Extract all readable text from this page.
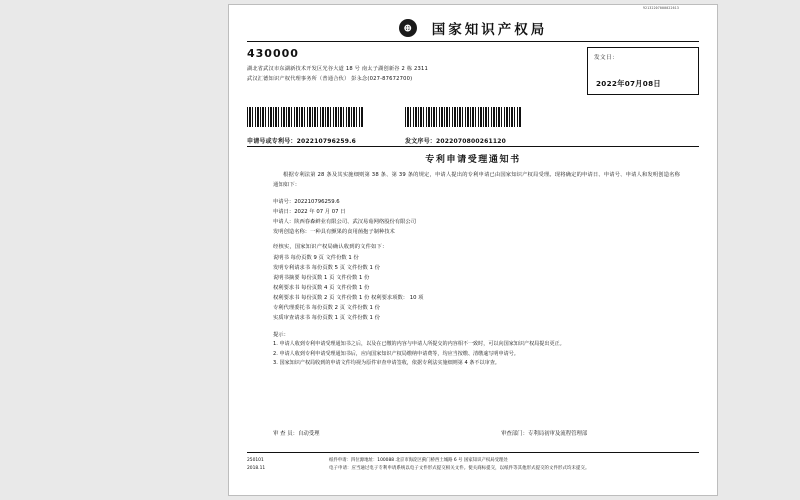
92132207000022613
⊕	国家知识产权局
430000
湖北省武汉市东湖新技术开发区光谷大道 18 号 南太子湖创新谷 2 栋 2311
武汉汇德知识产权代理事务所（普通合伙） 彭永念(027-87672700)
发文日：
2022年07月08日
申请号或专利号：202210796259.6	发文序号：2022070800261120
专利申请受理通知书

根据专利法第 28 条及其实施细则第 38 条、第 39 条的规定，申请人提出的专利申请已由国家知识产权局受理。现将确定的申请日、申请号、申请人和发明创造名称通知如下：

申请号：202210796259.6
申请日：2022 年 07 月 07 日
申请人：陕西春森鲜业有限公司、武汉易菇网络股份有限公司
发明创造名称：一种具有颤果的食用菌抱子制种技术
经核实，国家知识产权局确认收到的文件如下：
说明书 每份页数 9 页 文件份数 1 份
发明专利请求书 每份页数 5 页 文件份数 1 份
说明书摘要 每份页数 1 页 文件份数 1 份
权利要求书 每份页数 4 页 文件份数 1 份
权利要求书 每份页数 2 页 文件份数 1 份 权利要求项数： 10 项
专利代理委托书 每份页数 2 页 文件份数 1 份
实质审查请求书 每份页数 1 页 文件份数 1 份
提示：
1. 申请人收到专利申请受理通知书之后，以及在已缴的内容与申请人所提交的内容相不一致时，可以向国家知识产权局提出更正。
2. 申请人收到专利申请受理通知书后，应向国家知识产权局缴纳申请费等，均应当按缴、清缴逾写明申请号。
3. 国家知识产权局收到的申请文件均视为原件审查申请签收，依据专利法实施细则第 4 条不以审查。
审 查 员：自动受理	审查部门：专利局初审及流程管理部
250101
2018.11
纸件申请：四位源地址：100088 北京市海淀区蓟门桥西土城路 6 号 国家知识产权局受理处
电子申请：应当通过电子专利申请系统以电子文件形式提交相关文件。使关商标提交，以纸件等其他形式提交的文件形式均未提交。
